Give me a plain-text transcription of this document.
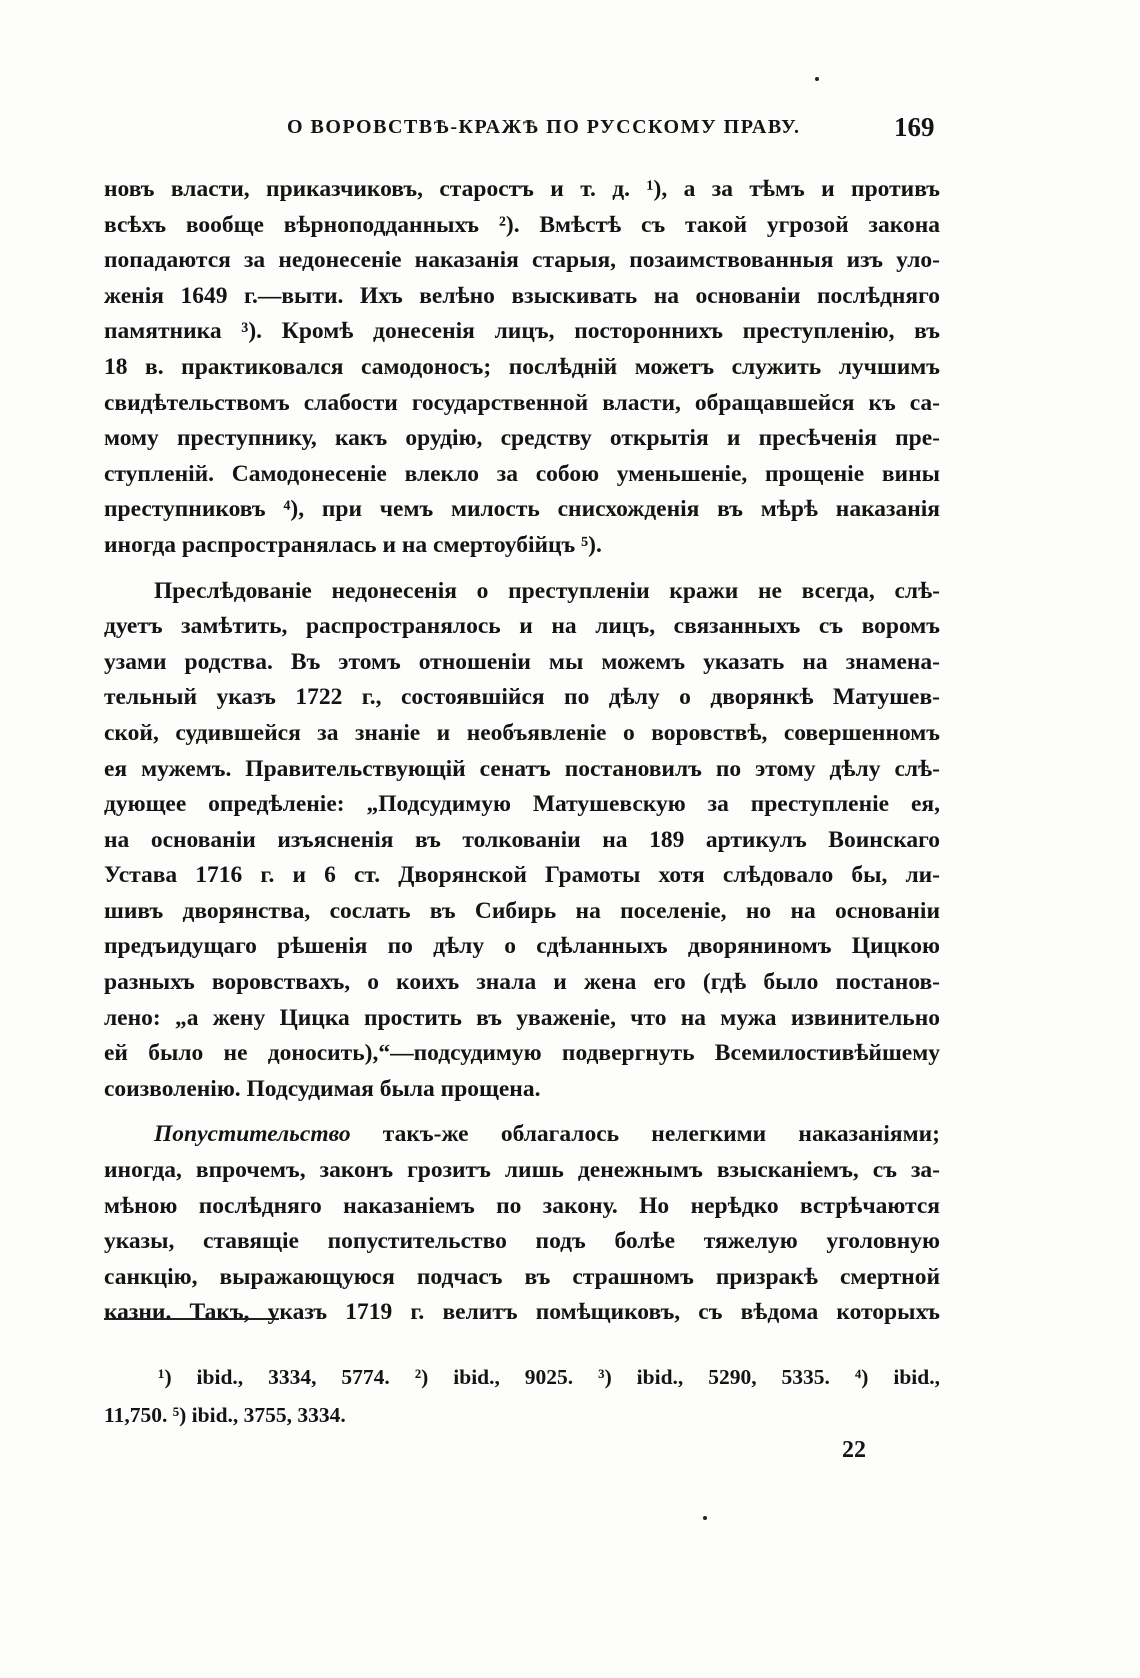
О ВОРОВСТВѢ-КРАЖѢ ПО РУССКОМУ ПРАВУ.	169
новъ власти, приказчиковъ, старостъ и т. д. ¹), а за тѣмъ и противъ
всѣхъ вообще вѣрноподданныхъ ²). Вмѣстѣ съ такой угрозой закона
попадаются за недонесеніе наказанія старыя, позаимствованныя изъ уло-
женія 1649 г.—выти. Ихъ велѣно взыскивать на основаніи послѣдняго
памятника ³). Кромѣ донесенія лицъ, постороннихъ преступленію, въ
18 в. практиковался самодоносъ; послѣдній можетъ служить лучшимъ
свидѣтельствомъ слабости государственной власти, обращавшейся къ са-
мому преступнику, какъ орудію, средству открытія и пресѣченія пре-
ступленій. Самодонесеніе влекло за собою уменьшеніе, прощеніе вины
преступниковъ ⁴), при чемъ милость снисхожденія въ мѣрѣ наказанія
иногда распространялась и на смертоубійцъ ⁵).
Преслѣдованіе недонесенія о преступленіи кражи не всегда, слѣ-
дуетъ замѣтить, распространялось и на лицъ, связанныхъ съ воромъ
узами родства. Въ этомъ отношеніи мы можемъ указать на знамена-
тельный указъ 1722 г., состоявшійся по дѣлу о дворянкѣ Матушев-
ской, судившейся за знаніе и необъявленіе о воровствѣ, совершенномъ
ея мужемъ. Правительствующій сенатъ постановилъ по этому дѣлу слѣ-
дующее опредѣленіе: „Подсудимую Матушевскую за преступленіе ея,
на основаніи изъясненія въ толкованіи на 189 артикулъ Воинскаго
Устава 1716 г. и 6 ст. Дворянской Грамоты хотя слѣдовало бы, ли-
шивъ дворянства, сослать въ Сибирь на поселеніе, но на основаніи
предъидущаго рѣшенія по дѣлу о сдѣланныхъ дворяниномъ Цицкою
разныхъ воровствахъ, о коихъ знала и жена его (гдѣ было постанов-
лено: „а жену Цицка простить въ уваженіе, что на мужа извинительно
ей было не доносить),“—подсудимую подвергнуть Всемилостивѣйшему
соизволенію. Подсудимая была прощена.
Попустительство такъ-же облагалось нелегкими наказаніями;
иногда, впрочемъ, законъ грозитъ лишь денежнымъ взысканіемъ, съ за-
мѣною послѣдняго наказаніемъ по закону. Но нерѣдко встрѣчаются
указы, ставящіе попустительство подъ болѣе тяжелую уголовную
санкцію, выражающуюся подчасъ въ страшномъ призракѣ смертной
казни. Такъ, указъ 1719 г. велитъ помѣщиковъ, съ вѣдома которыхъ
¹) ibid., 3334, 5774. ²) ibid., 9025. ³) ibid., 5290, 5335. ⁴) ibid.,
11,750. ⁵) ibid., 3755, 3334.
22
